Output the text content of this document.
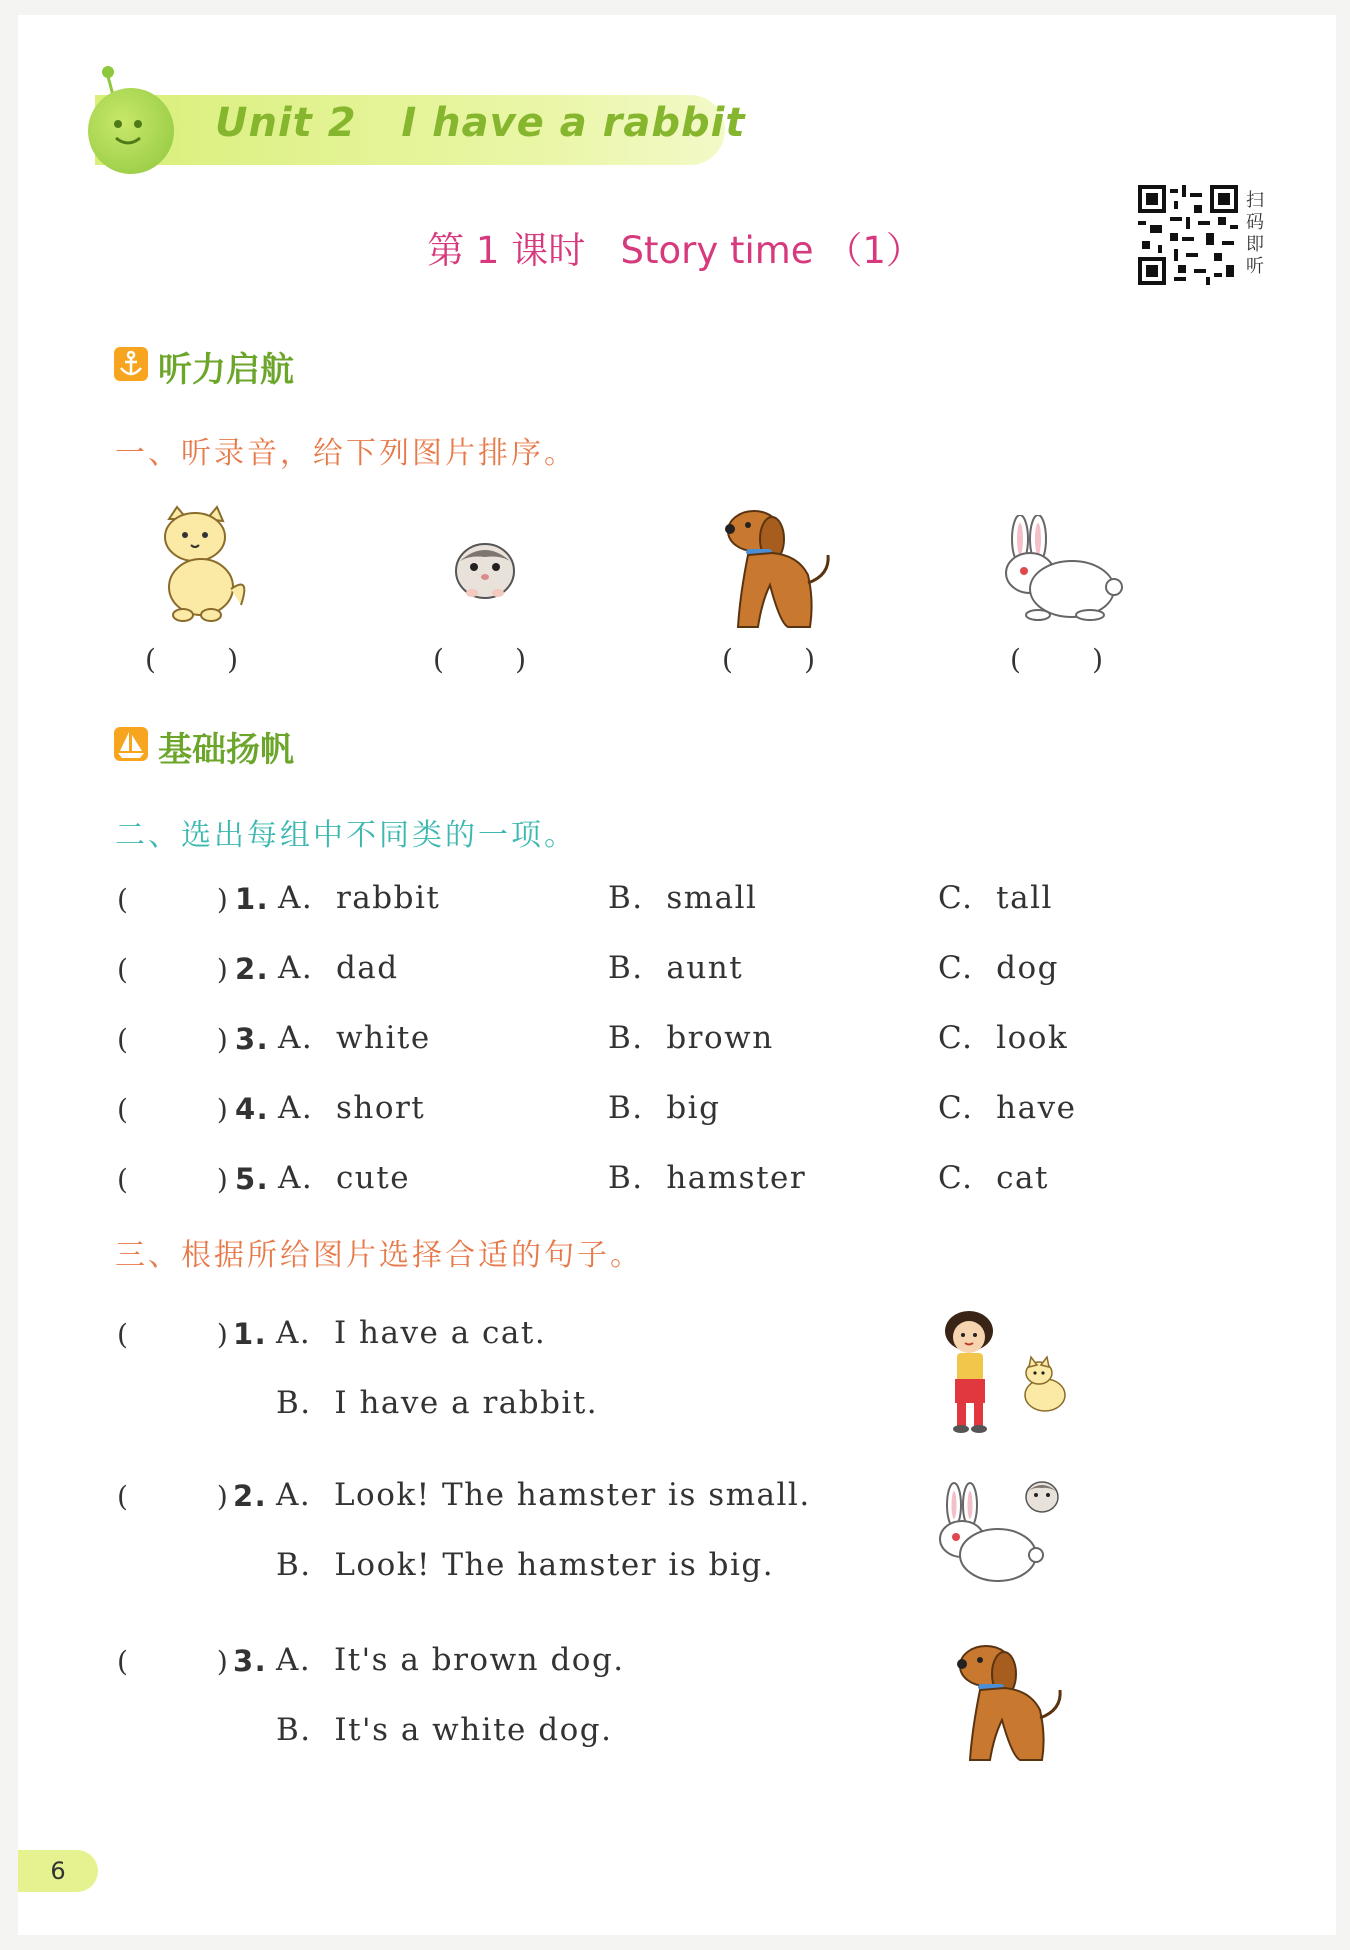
Unit 2   I have a rabbit
第 1 课时   Story time （1）
扫码即听
听力启航
一、听录音，给下列图片排序。
(        )	(        )	(        )	(        )
基础扬帆
二、选出每组中不同类的一项。
(          ) 1. A.  rabbit	B.  small	C.  tall
(          ) 2. A.  dad	B.  aunt	C.  dog
(          ) 3. A.  white	B.  brown	C.  look
(          ) 4. A.  short	B.  big	C.  have
(          ) 5. A.  cute	B.  hamster	C.  cat
三、根据所给图片选择合适的句子。
(          ) 1. A.  I have a cat.
B.  I have a rabbit.
(          ) 2. A.  Look! The hamster is small.
B.  Look! The hamster is big.
(          ) 3. A.  It's a brown dog.
B.  It's a white dog.
6
